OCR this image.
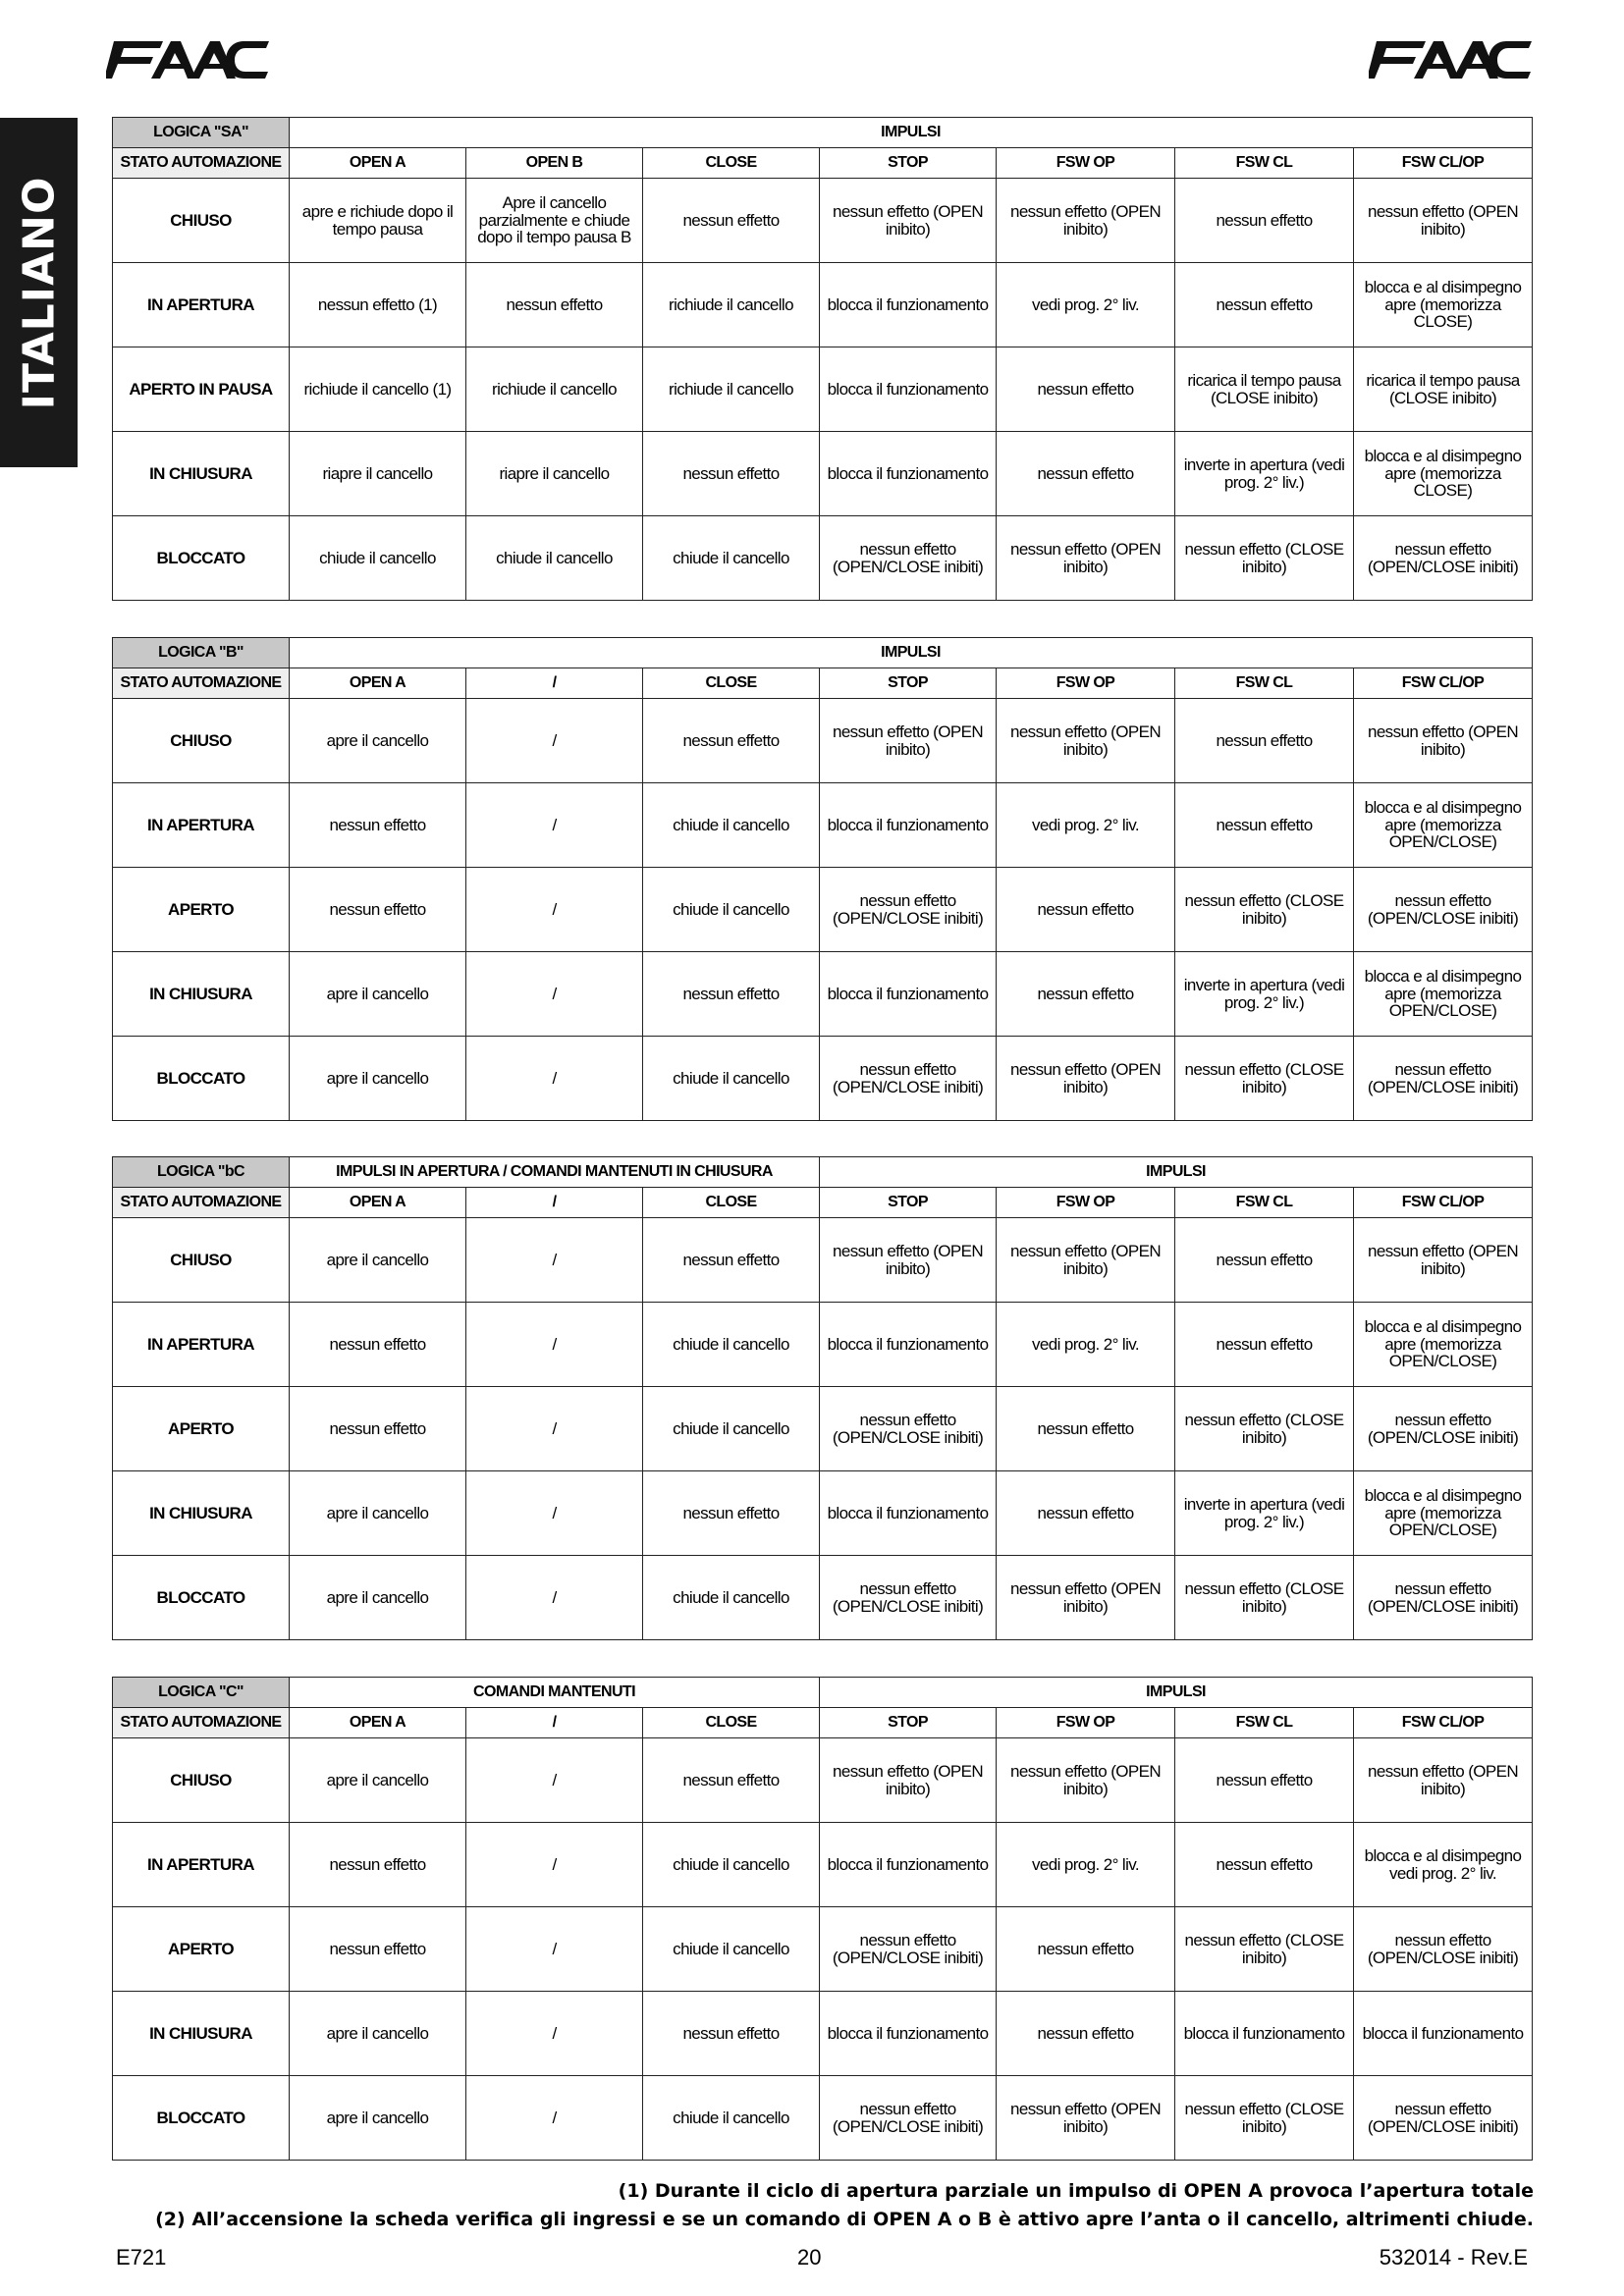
ITALIANO
LOGICA "SA"	IMPULSI						
STATO AUTOMAZIONE	OPEN A	OPEN B	CLOSE	STOP	FSW OP	FSW CL	FSW CL/OP
CHIUSO	apre e richiude dopo il tempo pausa	Apre il cancello parzialmente e chiude dopo il tempo pausa B	nessun effetto	nessun effetto (OPEN inibito)	nessun effetto (OPEN inibito)	nessun effetto	nessun effetto (OPEN inibito)
IN APERTURA	nessun effetto (1)	nessun effetto	richiude il cancello	blocca il funzionamento	vedi prog. 2° liv.	nessun effetto	blocca e al disimpegno apre (memorizza CLOSE)
APERTO IN PAUSA	richiude il cancello (1)	richiude il cancello	richiude il cancello	blocca il funzionamento	nessun effetto	ricarica il tempo pausa (CLOSE inibito)	ricarica il tempo pausa (CLOSE inibito)
IN CHIUSURA	riapre il cancello	riapre il cancello	nessun effetto	blocca il funzionamento	nessun effetto	inverte in apertura (vedi prog. 2° liv.)	blocca e al disimpegno apre (memorizza CLOSE)
BLOCCATO	chiude il cancello	chiude il cancello	chiude il cancello	nessun effetto (OPEN/CLOSE inibiti)	nessun effetto (OPEN inibito)	nessun effetto (CLOSE inibito)	nessun effetto (OPEN/CLOSE inibiti)
LOGICA "B"	IMPULSI						
STATO AUTOMAZIONE	OPEN A	/	CLOSE	STOP	FSW OP	FSW CL	FSW CL/OP
CHIUSO	apre il cancello	/	nessun effetto	nessun effetto (OPEN inibito)	nessun effetto (OPEN inibito)	nessun effetto	nessun effetto (OPEN inibito)
IN APERTURA	nessun effetto	/	chiude il cancello	blocca il funzionamento	vedi prog. 2° liv.	nessun effetto	blocca e al disimpegno apre (memorizza OPEN/CLOSE)
APERTO	nessun effetto	/	chiude il cancello	nessun effetto (OPEN/CLOSE inibiti)	nessun effetto	nessun effetto (CLOSE inibito)	nessun effetto (OPEN/CLOSE inibiti)
IN CHIUSURA	apre il cancello	/	nessun effetto	blocca il funzionamento	nessun effetto	inverte in apertura (vedi prog. 2° liv.)	blocca e al disimpegno apre (memorizza OPEN/CLOSE)
BLOCCATO	apre il cancello	/	chiude il cancello	nessun effetto (OPEN/CLOSE inibiti)	nessun effetto (OPEN inibito)	nessun effetto (CLOSE inibito)	nessun effetto (OPEN/CLOSE inibiti)
LOGICA "bC	IMPULSI IN APERTURA / COMANDI MANTENUTI IN CHIUSURA			IMPULSI			
STATO AUTOMAZIONE	OPEN A	/	CLOSE	STOP	FSW OP	FSW CL	FSW CL/OP
CHIUSO	apre il cancello	/	nessun effetto	nessun effetto (OPEN inibito)	nessun effetto (OPEN inibito)	nessun effetto	nessun effetto (OPEN inibito)
IN APERTURA	nessun effetto	/	chiude il cancello	blocca il funzionamento	vedi prog. 2° liv.	nessun effetto	blocca e al disimpegno apre (memorizza OPEN/CLOSE)
APERTO	nessun effetto	/	chiude il cancello	nessun effetto (OPEN/CLOSE inibiti)	nessun effetto	nessun effetto (CLOSE inibito)	nessun effetto (OPEN/CLOSE inibiti)
IN CHIUSURA	apre il cancello	/	nessun effetto	blocca il funzionamento	nessun effetto	inverte in apertura (vedi prog. 2° liv.)	blocca e al disimpegno apre (memorizza OPEN/CLOSE)
BLOCCATO	apre il cancello	/	chiude il cancello	nessun effetto (OPEN/CLOSE inibiti)	nessun effetto (OPEN inibito)	nessun effetto (CLOSE inibito)	nessun effetto (OPEN/CLOSE inibiti)
LOGICA "C"	COMANDI MANTENUTI			IMPULSI			
STATO AUTOMAZIONE	OPEN A	/	CLOSE	STOP	FSW OP	FSW CL	FSW CL/OP
CHIUSO	apre il cancello	/	nessun effetto	nessun effetto (OPEN inibito)	nessun effetto (OPEN inibito)	nessun effetto	nessun effetto (OPEN inibito)
IN APERTURA	nessun effetto	/	chiude il cancello	blocca il funzionamento	vedi prog. 2° liv.	nessun effetto	blocca e al disimpegno vedi prog. 2° liv.
APERTO	nessun effetto	/	chiude il cancello	nessun effetto (OPEN/CLOSE inibiti)	nessun effetto	nessun effetto (CLOSE inibito)	nessun effetto (OPEN/CLOSE inibiti)
IN CHIUSURA	apre il cancello	/	nessun effetto	blocca il funzionamento	nessun effetto	blocca il funzionamento	blocca il funzionamento
BLOCCATO	apre il cancello	/	chiude il cancello	nessun effetto (OPEN/CLOSE inibiti)	nessun effetto (OPEN inibito)	nessun effetto (CLOSE inibito)	nessun effetto (OPEN/CLOSE inibiti)
(1) Durante il ciclo di apertura parziale un impulso di OPEN A provoca l’apertura totale
(2) All’accensione la scheda verifica gli ingressi e se un comando di OPEN A o B è attivo apre l’anta o il cancello, altrimenti chiude.
E721	20	532014 - Rev.E
